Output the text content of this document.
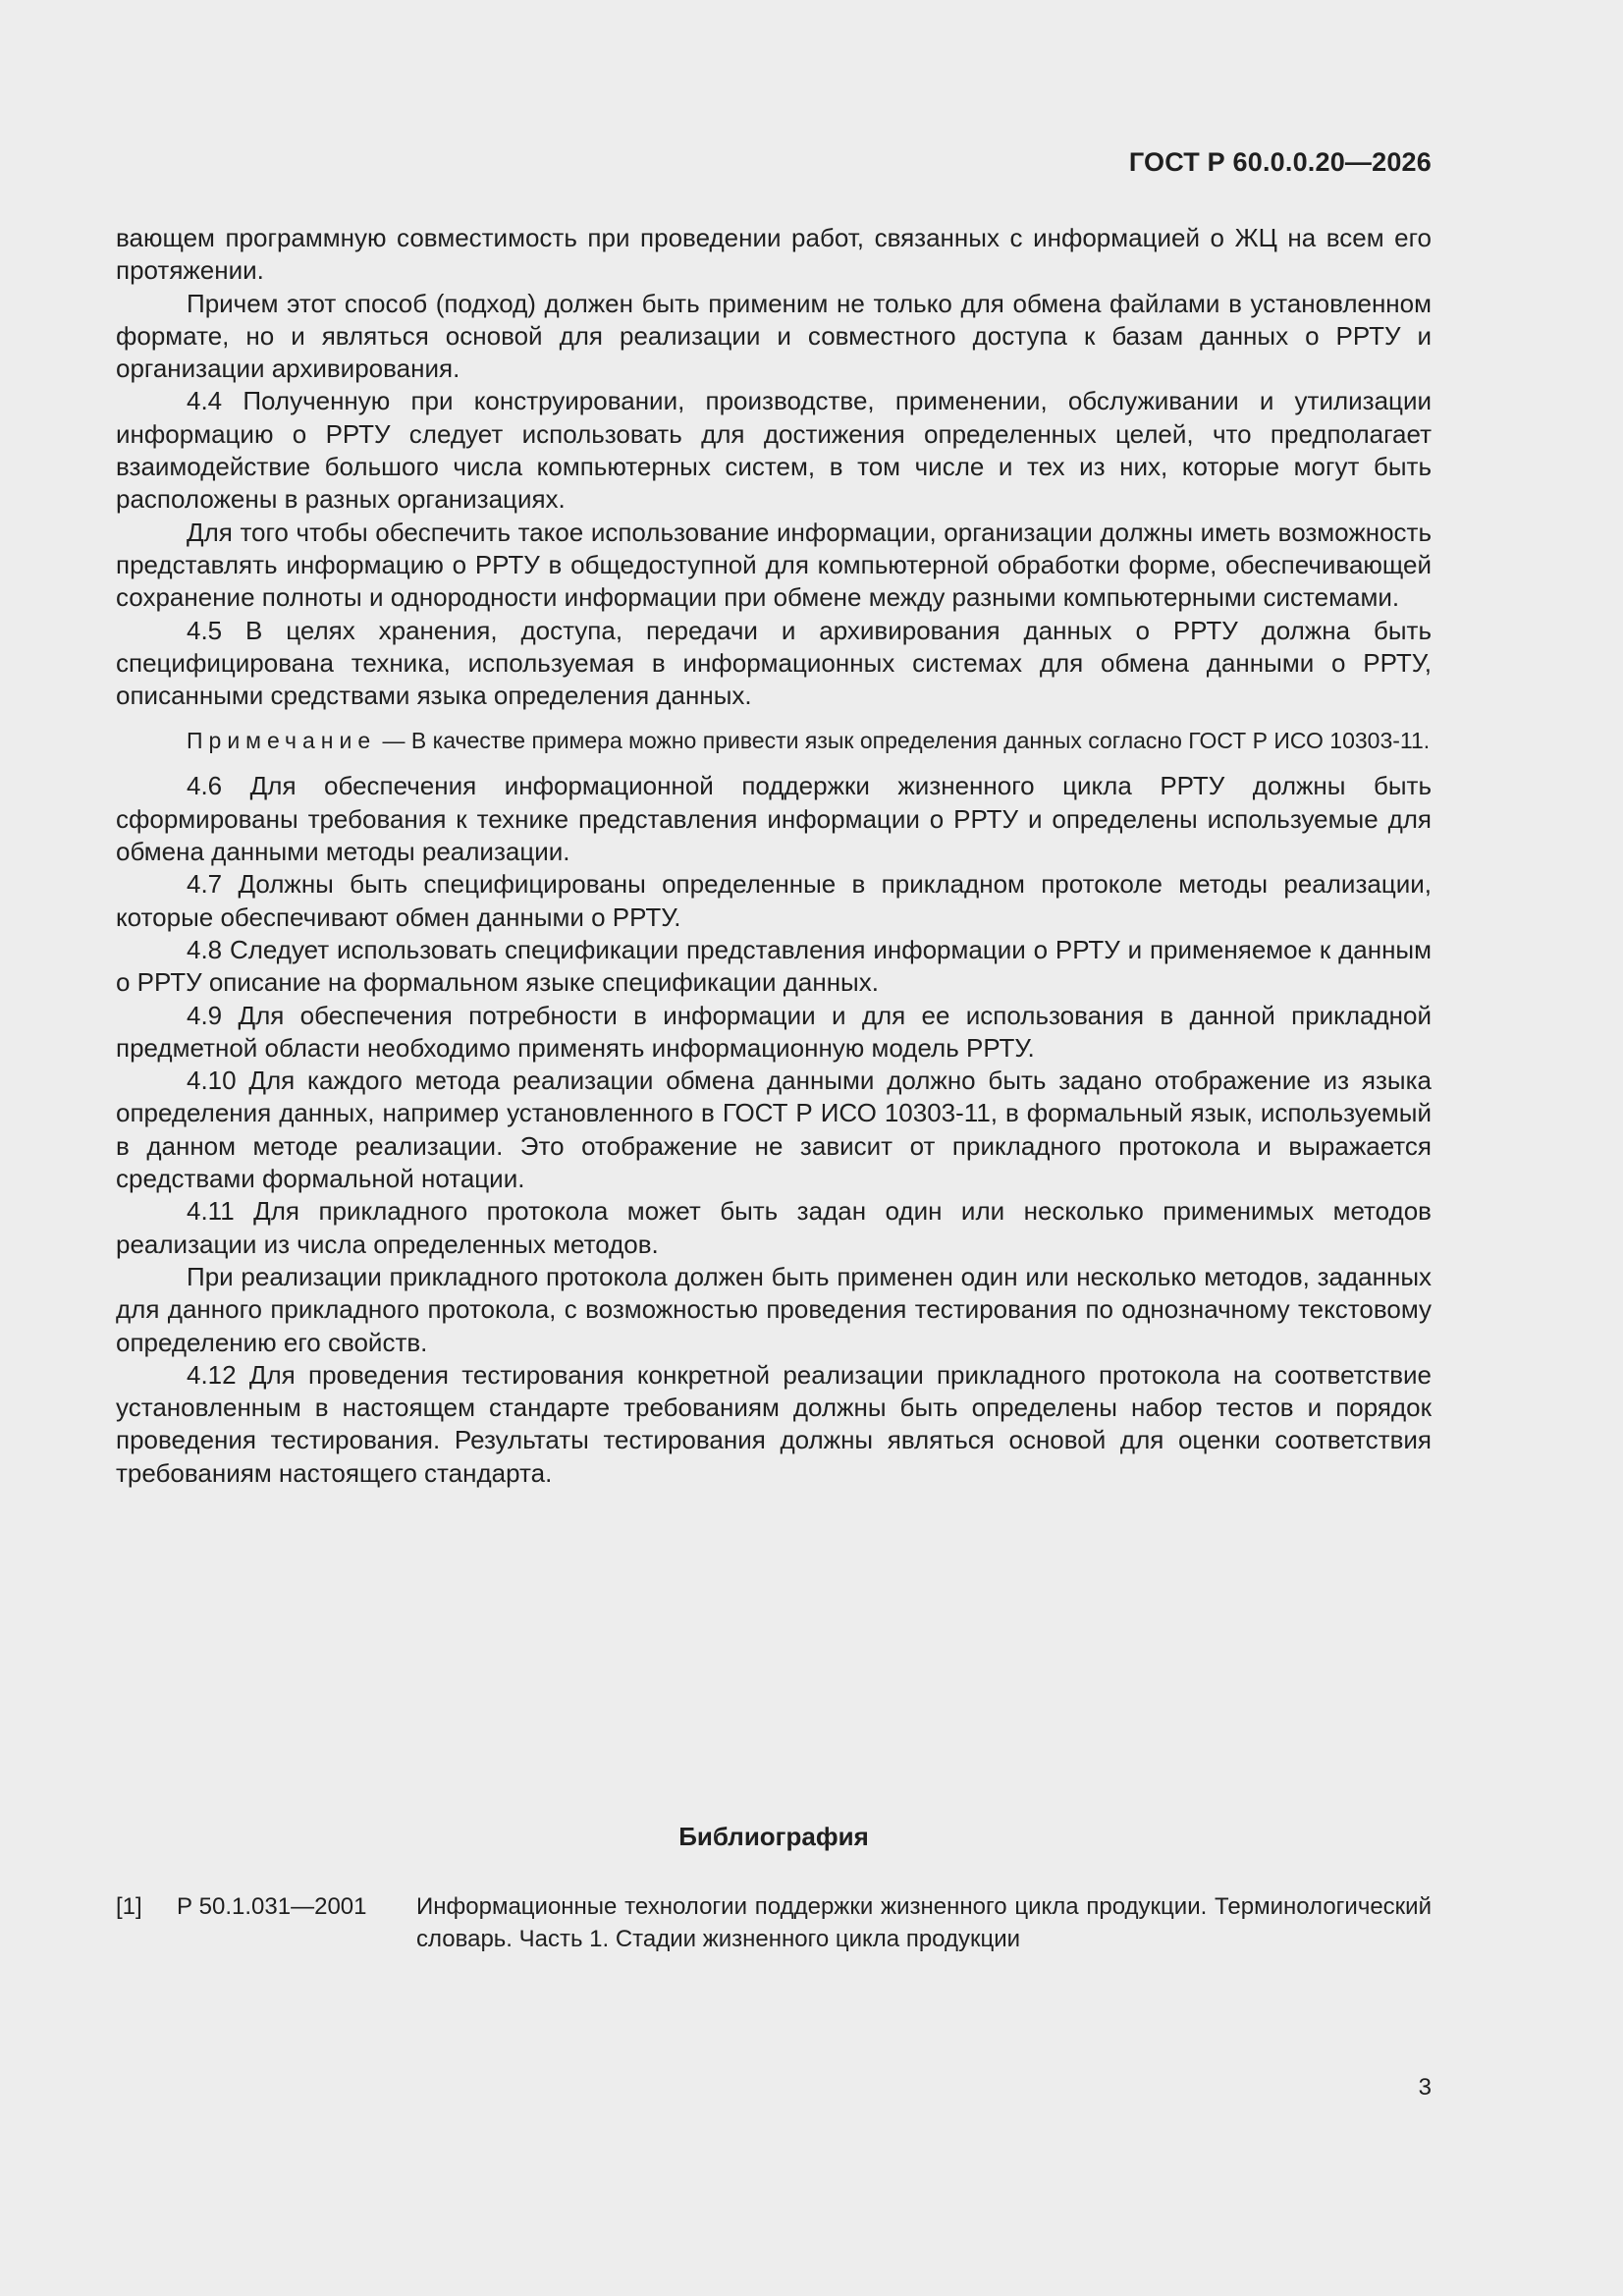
ГОСТ Р 60.0.0.20—2026

вающем программную совместимость при проведении работ, связанных с информацией о ЖЦ на всем его протяжении.

Причем этот способ (подход) должен быть применим не только для обмена файлами в установленном формате, но и являться основой для реализации и совместного доступа к базам данных о РРТУ и организации архивирования.

4.4 Полученную при конструировании, производстве, применении, обслуживании и утилизации информацию о РРТУ следует использовать для достижения определенных целей, что предполагает взаимодействие большого числа компьютерных систем, в том числе и тех из них, которые могут быть расположены в разных организациях.

Для того чтобы обеспечить такое использование информации, организации должны иметь возможность представлять информацию о РРТУ в общедоступной для компьютерной обработки форме, обеспечивающей сохранение полноты и однородности информации при обмене между разными компьютерными системами.

4.5 В целях хранения, доступа, передачи и архивирования данных о РРТУ должна быть специфицирована техника, используемая в информационных системах для обмена данными о РРТУ, описанными средствами языка определения данных.

Примечание — В качестве примера можно привести язык определения данных согласно ГОСТ Р ИСО 10303-11.

4.6 Для обеспечения информационной поддержки жизненного цикла РРТУ должны быть сформированы требования к технике представления информации о РРТУ и определены используемые для обмена данными методы реализации.

4.7 Должны быть специфицированы определенные в прикладном протоколе методы реализации, которые обеспечивают обмен данными о РРТУ.

4.8 Следует использовать спецификации представления информации о РРТУ и применяемое к данным о РРТУ описание на формальном языке спецификации данных.

4.9 Для обеспечения потребности в информации и для ее использования в данной прикладной предметной области необходимо применять информационную модель РРТУ.

4.10 Для каждого метода реализации обмена данными должно быть задано отображение из языка определения данных, например установленного в ГОСТ Р ИСО 10303-11, в формальный язык, используемый в данном методе реализации. Это отображение не зависит от прикладного протокола и выражается средствами формальной нотации.

4.11 Для прикладного протокола может быть задан один или несколько применимых методов реализации из числа определенных методов.

При реализации прикладного протокола должен быть применен один или несколько методов, заданных для данного прикладного протокола, с возможностью проведения тестирования по однозначному текстовому определению его свойств.

4.12 Для проведения тестирования конкретной реализации прикладного протокола на соответствие установленным в настоящем стандарте требованиям должны быть определены набор тестов и порядок проведения тестирования. Результаты тестирования должны являться основой для оценки соответствия требованиям настоящего стандарта.

Библиография
[1] Р 50.1.031—2001 Информационные технологии поддержки жизненного цикла продукции. Терминологический словарь. Часть 1. Стадии жизненного цикла продукции
3
